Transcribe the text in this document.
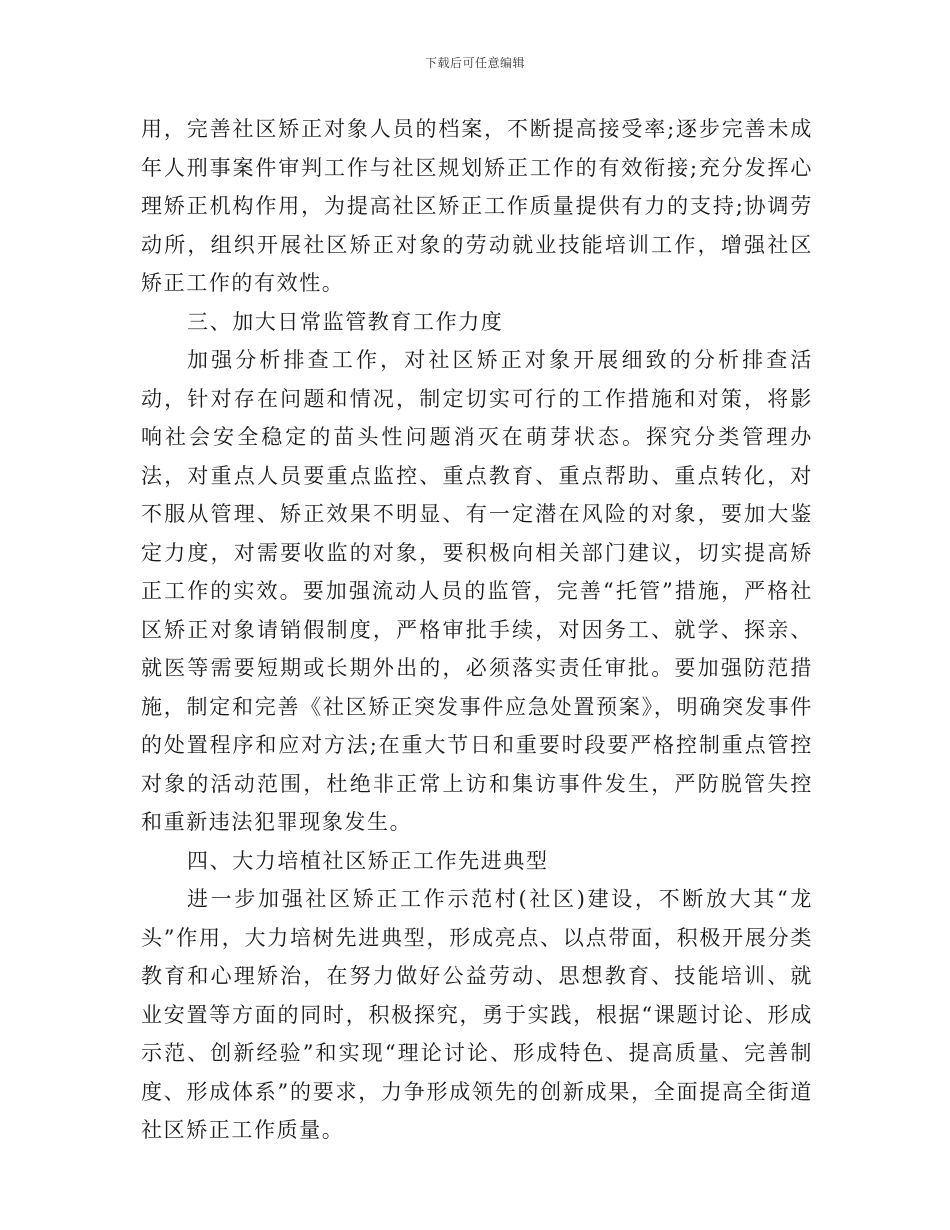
下载后可任意编辑

用，完善社区矫正对象人员的档案，不断提高接受率;逐步完善未成年人刑事案件审判工作与社区规划矫正工作的有效衔接;充分发挥心理矫正机构作用，为提高社区矫正工作质量提供有力的支持;协调劳动所，组织开展社区矫正对象的劳动就业技能培训工作，增强社区矫正工作的有效性。

三、加大日常监管教育工作力度

加强分析排查工作，对社区矫正对象开展细致的分析排查活动，针对存在问题和情况，制定切实可行的工作措施和对策，将影响社会安全稳定的苗头性问题消灭在萌芽状态。探究分类管理办法，对重点人员要重点监控、重点教育、重点帮助、重点转化，对不服从管理、矫正效果不明显、有一定潜在风险的对象，要加大鉴定力度，对需要收监的对象，要积极向相关部门建议，切实提高矫正工作的实效。要加强流动人员的监管，完善“托管”措施，严格社区矫正对象请销假制度，严格审批手续，对因务工、就学、探亲、就医等需要短期或长期外出的，必须落实责任审批。要加强防范措施，制定和完善《社区矫正突发事件应急处置预案》，明确突发事件的处置程序和应对方法;在重大节日和重要时段要严格控制重点管控对象的活动范围，杜绝非正常上访和集访事件发生，严防脱管失控和重新违法犯罪现象发生。

四、大力培植社区矫正工作先进典型

进一步加强社区矫正工作示范村(社区)建设，不断放大其“龙头”作用，大力培树先进典型，形成亮点、以点带面，积极开展分类教育和心理矫治，在努力做好公益劳动、思想教育、技能培训、就业安置等方面的同时，积极探究，勇于实践，根据“课题讨论、形成示范、创新经验”和实现“理论讨论、形成特色、提高质量、完善制度、形成体系”的要求，力争形成领先的创新成果，全面提高全街道社区矫正工作质量。
